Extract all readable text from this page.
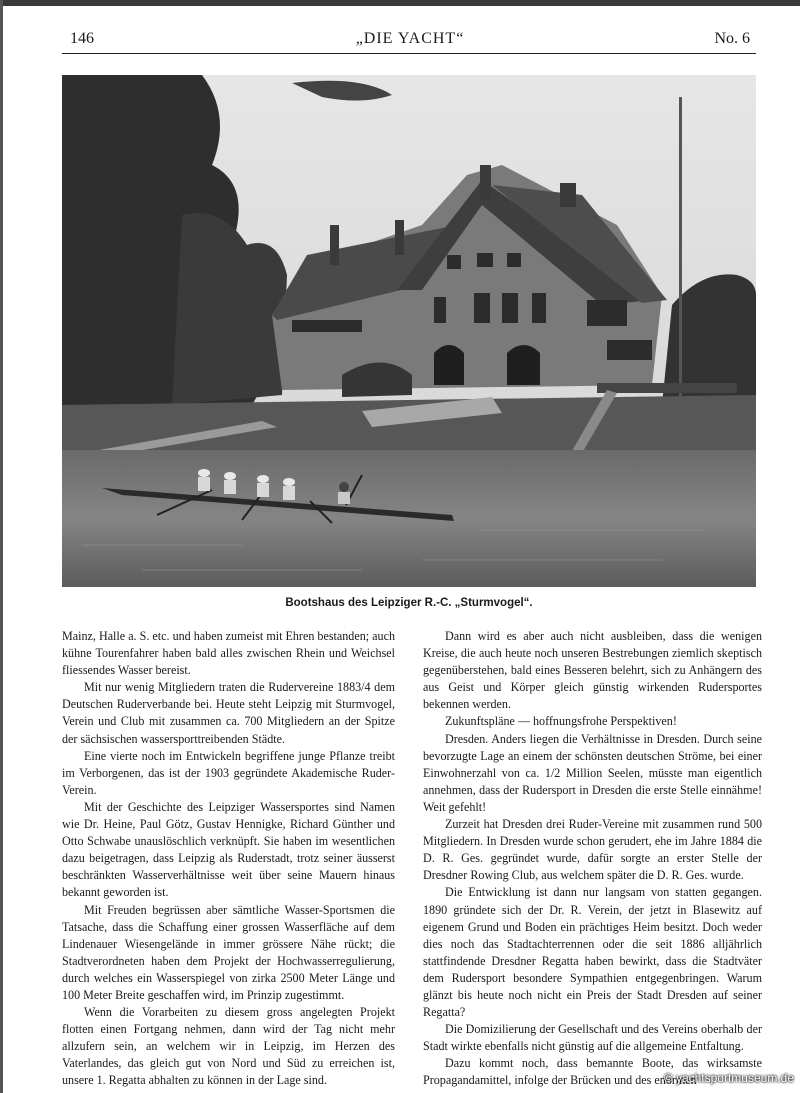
146	„DIE YACHT“	No. 6
Bootshaus des Leipziger R.-C. „Sturmvogel“.

Mainz, Halle a. S. etc. und haben zumeist mit Ehren bestanden; auch kühne Tourenfahrer haben bald alles zwischen Rhein und Weichsel fliessendes Wasser bereist.

Mit nur wenig Mitgliedern traten die Rudervereine 1883/4 dem Deutschen Ruderverbande bei. Heute steht Leipzig mit Sturmvogel, Verein und Club mit zusammen ca. 700 Mitgliedern an der Spitze der sächsischen wassersporttreibenden Städte.

Eine vierte noch im Entwickeln begriffene junge Pflanze treibt im Verborgenen, das ist der 1903 gegründete Akademische Ruder-Verein.

Mit der Geschichte des Leipziger Wassersportes sind Namen wie Dr. Heine, Paul Götz, Gustav Hennigke, Richard Günther und Otto Schwabe unauslöschlich verknüpft. Sie haben im wesentlichen dazu beigetragen, dass Leipzig als Ruderstadt, trotz seiner äusserst beschränkten Wasserverhältnisse weit über seine Mauern hinaus bekannt geworden ist.

Mit Freuden begrüssen aber sämtliche Wasser-Sportsmen die Tatsache, dass die Schaffung einer grossen Wasserfläche auf dem Lindenauer Wiesengelände in immer grössere Nähe rückt; die Stadtverordneten haben dem Projekt der Hochwasserregulierung, durch welches ein Wasserspiegel von zirka 2500 Meter Länge und 100 Meter Breite geschaffen wird, im Prinzip zugestimmt.

Wenn die Vorarbeiten zu diesem gross angelegten Projekt flotten einen Fortgang nehmen, dann wird der Tag nicht mehr allzufern sein, an welchem wir in Leipzig, im Herzen des Vaterlandes, das gleich gut von Nord und Süd zu erreichen ist, unsere 1. Regatta abhalten zu können in der Lage sind.

Dann wird es aber auch nicht ausbleiben, dass die wenigen Kreise, die auch heute noch unseren Bestrebungen ziemlich skeptisch gegenüberstehen, bald eines Besseren belehrt, sich zu Anhängern des aus Geist und Körper gleich günstig wirkenden Rudersportes bekennen werden.

Zukunftspläne — hoffnungsfrohe Perspektiven!

Dresden. Anders liegen die Verhältnisse in Dresden. Durch seine bevorzugte Lage an einem der schönsten deutschen Ströme, bei einer Einwohnerzahl von ca. 1/2 Million Seelen, müsste man eigentlich annehmen, dass der Rudersport in Dresden die erste Stelle einnähme! Weit gefehlt!

Zurzeit hat Dresden drei Ruder-Vereine mit zusammen rund 500 Mitgliedern. In Dresden wurde schon gerudert, ehe im Jahre 1884 die D. R. Ges. gegründet wurde, dafür sorgte an erster Stelle der Dresdner Rowing Club, aus welchem später die D. R. Ges. wurde.

Die Entwicklung ist dann nur langsam von statten gegangen. 1890 gründete sich der Dr. R. Verein, der jetzt in Blasewitz auf eigenem Grund und Boden ein prächtiges Heim besitzt. Doch weder dies noch das Stadtachterrennen oder die seit 1886 alljährlich stattfindende Dresdner Regatta haben bewirkt, dass die Stadtväter dem Rudersport besondere Sympathien entgegenbringen. Warum glänzt bis heute noch nicht ein Preis der Stadt Dresden auf seiner Regatta?

Die Domizilierung der Gesellschaft und des Vereins oberhalb der Stadt wirkte ebenfalls nicht günstig auf die allgemeine Entfaltung.

Dazu kommt noch, dass bemannte Boote, das wirksamste Propagandamittel, infolge der Brücken und des enormen

© yachtsportmuseum.de
